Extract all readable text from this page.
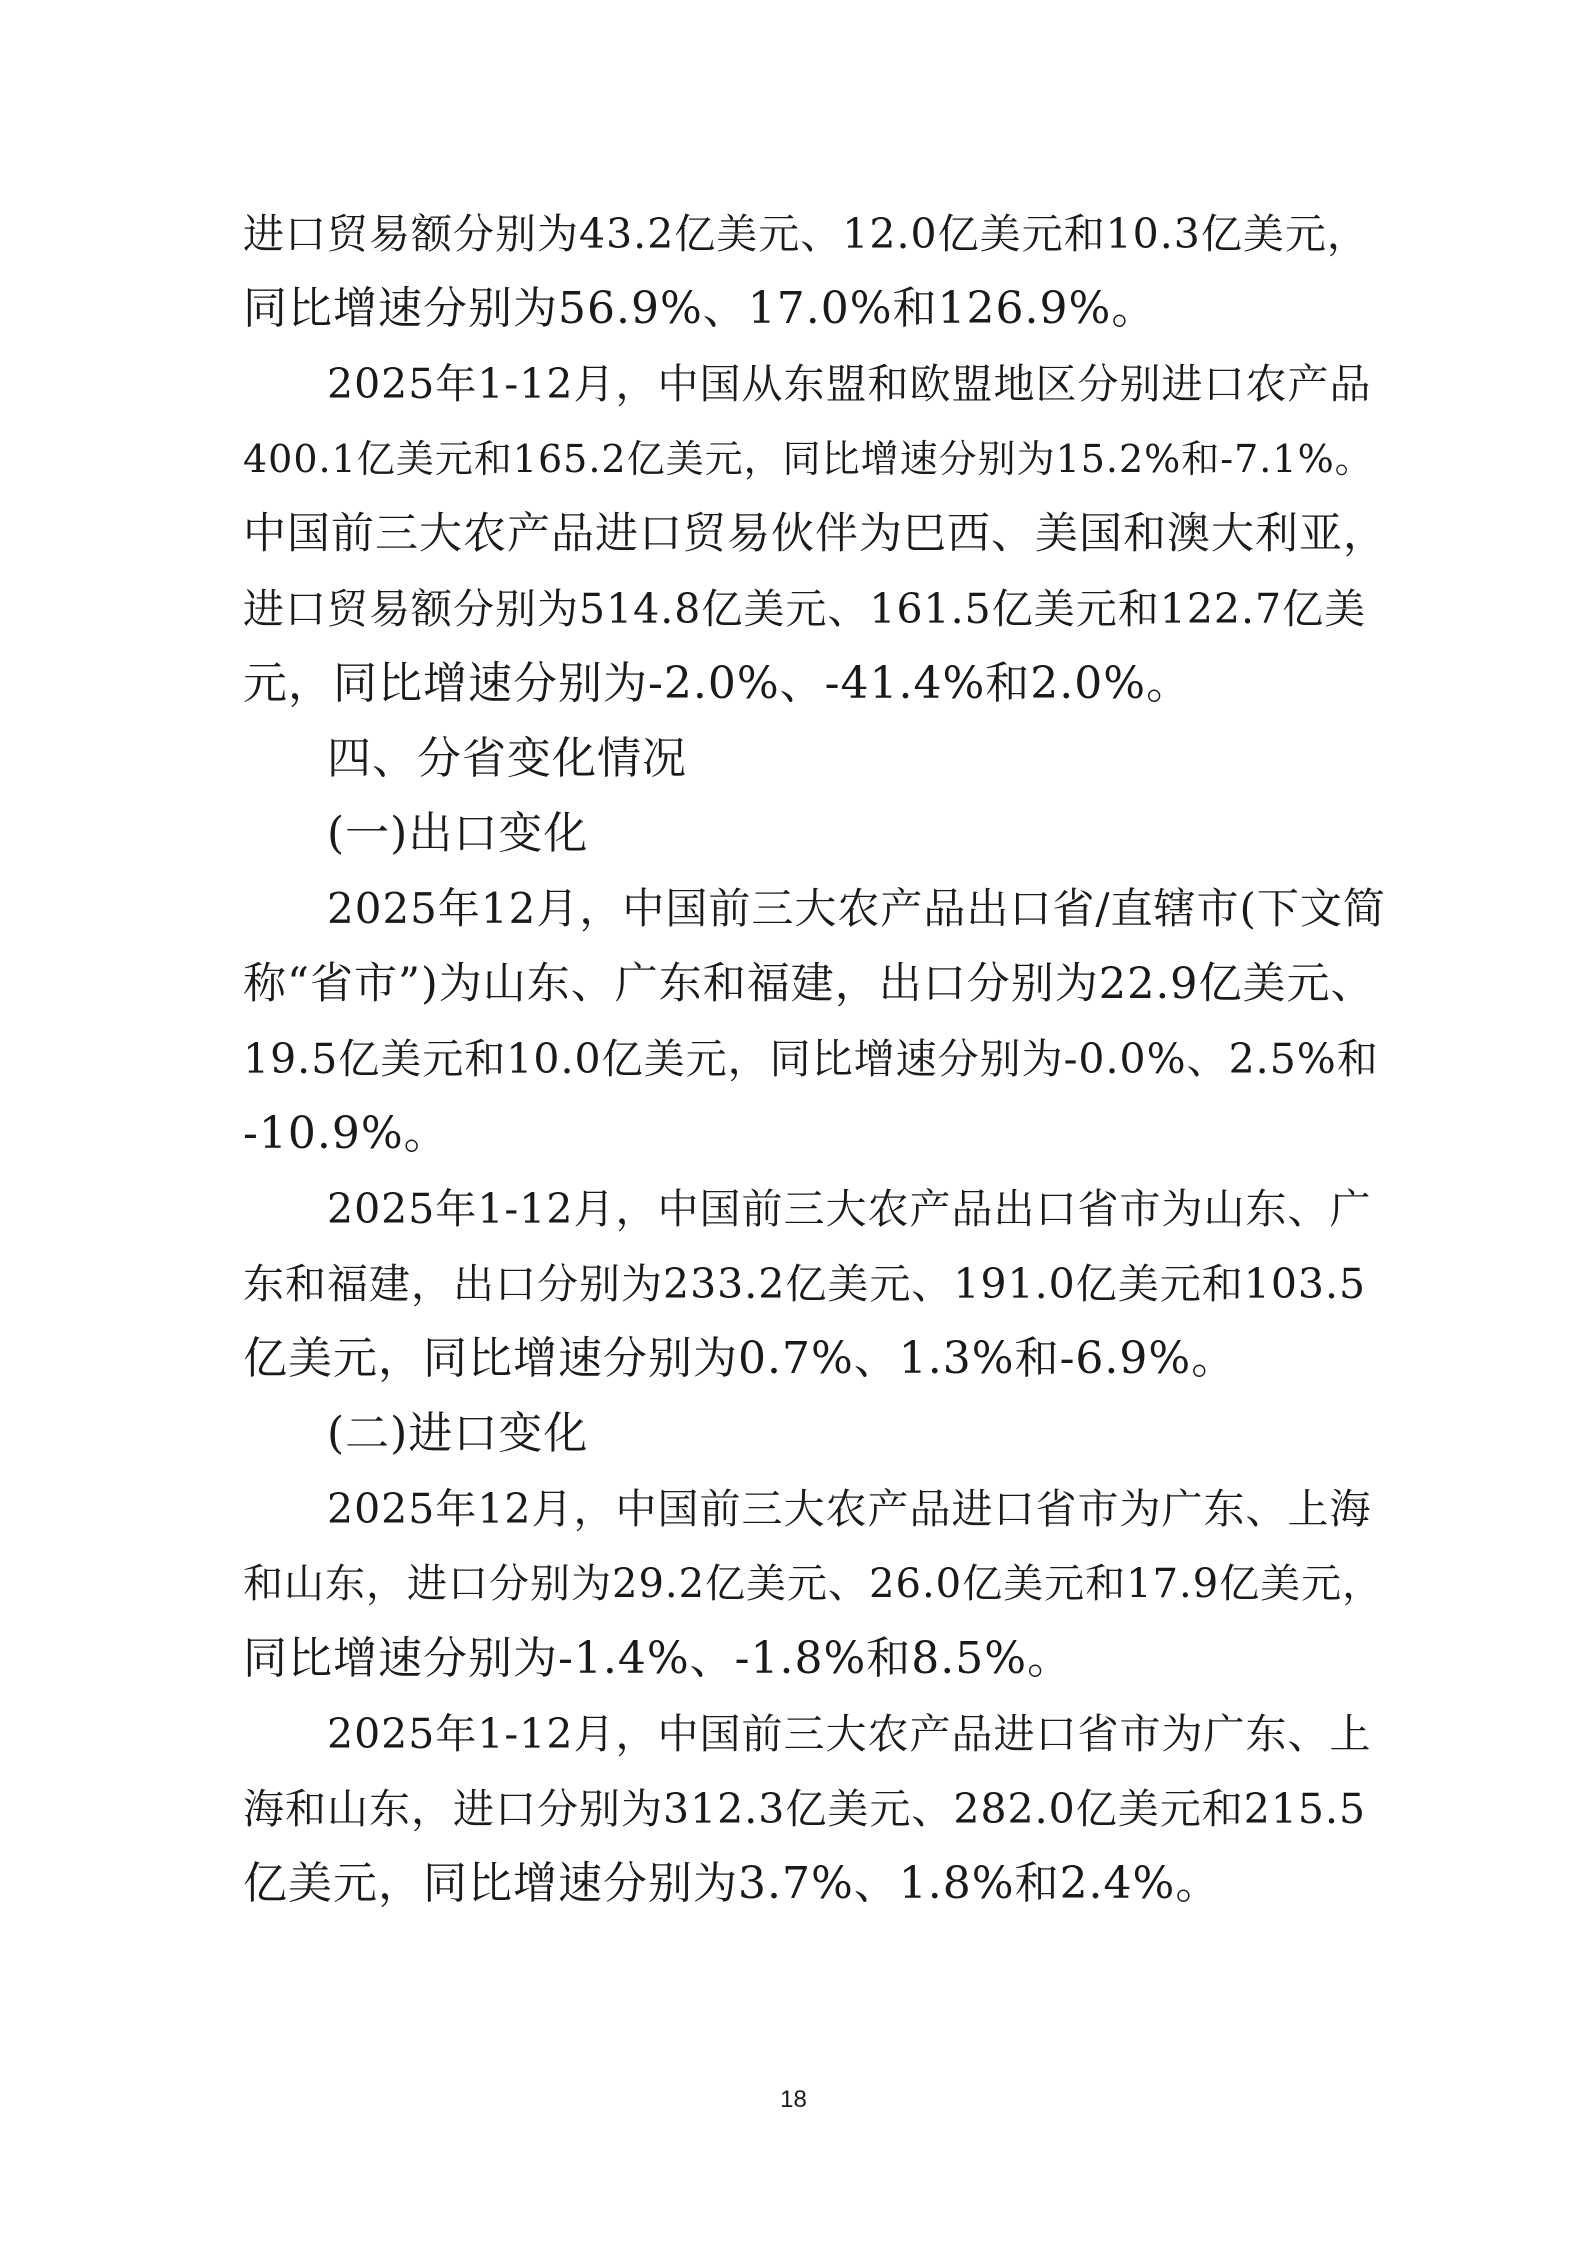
进口贸易额分别为43.2亿美元、12.0亿美元和10.3亿美元，
同比增速分别为56.9%、17.0%和126.9%。
2025年1-12月，中国从东盟和欧盟地区分别进口农产品
400.1亿美元和165.2亿美元，同比增速分别为15.2%和-7.1%。
中国前三大农产品进口贸易伙伴为巴西、美国和澳大利亚，
进口贸易额分别为514.8亿美元、161.5亿美元和122.7亿美
元，同比增速分别为-2.0%、-41.4%和2.0%。
四、分省变化情况
(一)出口变化
2025年12月，中国前三大农产品出口省/直辖市(下文简
称“省市”)为山东、广东和福建，出口分别为22.9亿美元、
19.5亿美元和10.0亿美元，同比增速分别为-0.0%、2.5%和
-10.9%。
2025年1-12月，中国前三大农产品出口省市为山东、广
东和福建，出口分别为233.2亿美元、191.0亿美元和103.5
亿美元，同比增速分别为0.7%、1.3%和-6.9%。
(二)进口变化
2025年12月，中国前三大农产品进口省市为广东、上海
和山东，进口分别为29.2亿美元、26.0亿美元和17.9亿美元，
同比增速分别为-1.4%、-1.8%和8.5%。
2025年1-12月，中国前三大农产品进口省市为广东、上
海和山东，进口分别为312.3亿美元、282.0亿美元和215.5
亿美元，同比增速分别为3.7%、1.8%和2.4%。
18
